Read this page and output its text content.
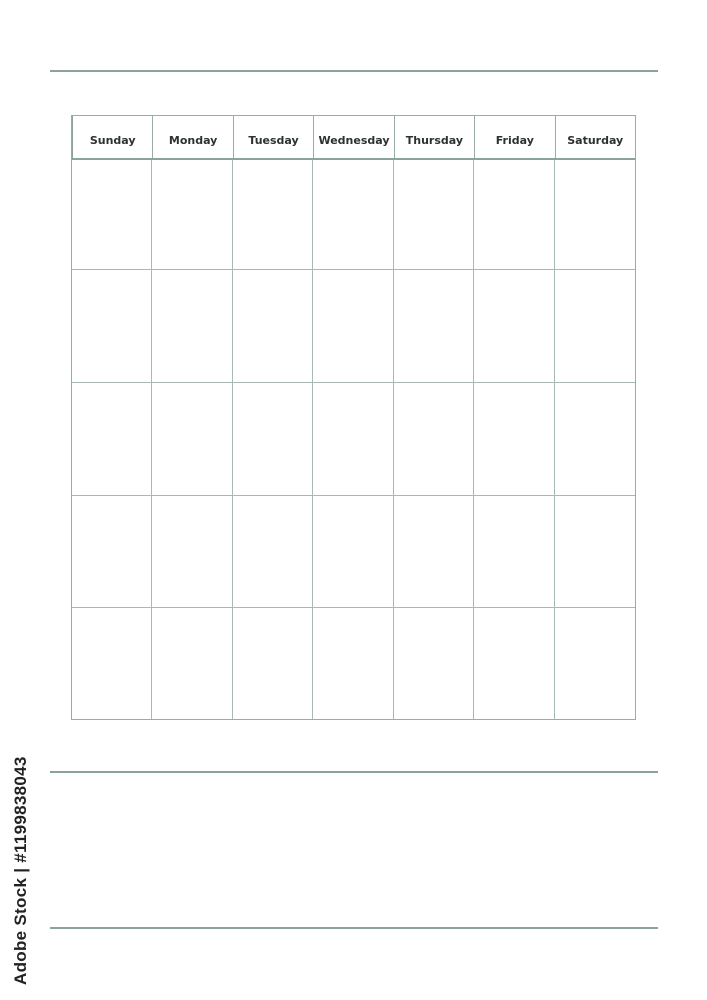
Sunday	Monday	Tuesday	Wednesday	Thursday	Friday	Saturday
Adobe Stock | #1199838043
